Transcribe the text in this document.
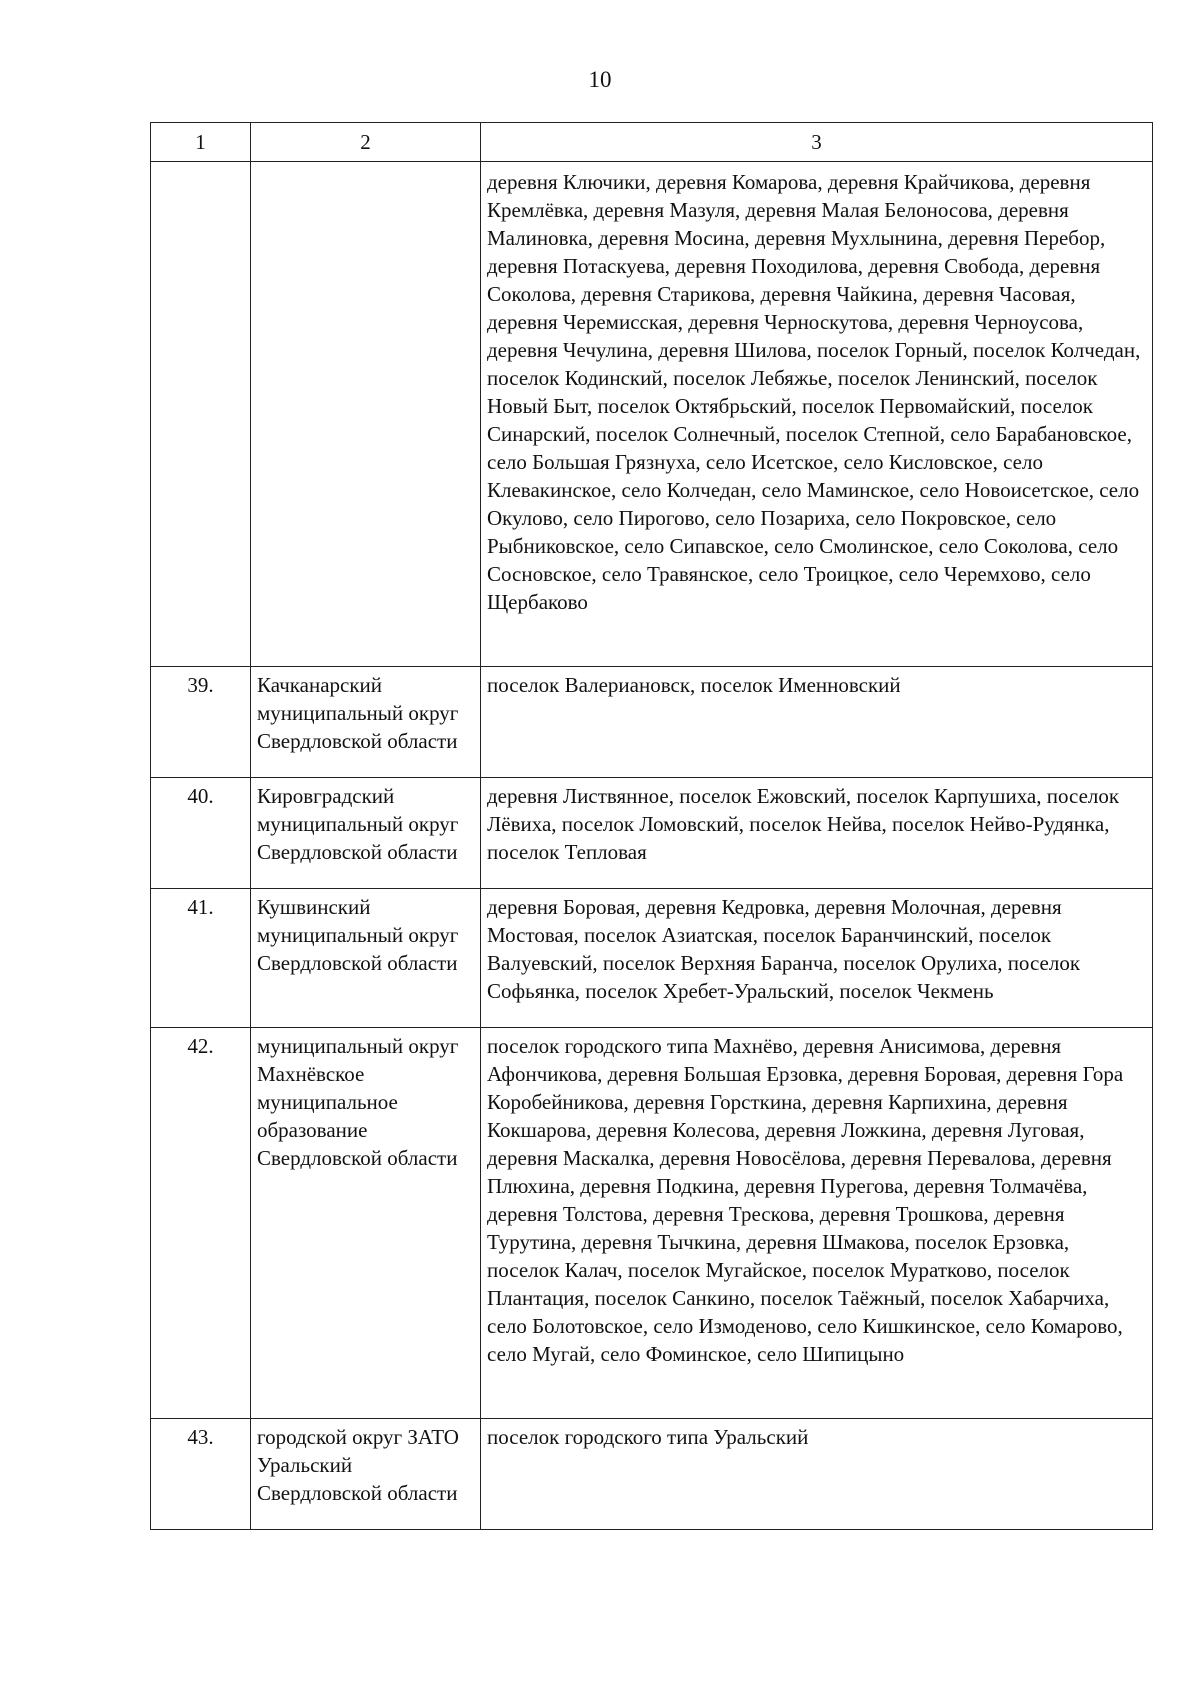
10
1	2	3
		деревня Ключики, деревня Комарова, деревня Крайчикова, деревня Кремлёвка, деревня Мазуля, деревня Малая Белоносова, деревня Малиновка, деревня Мосина, деревня Мухлынина, деревня Перебор, деревня Потаскуева, деревня Походилова, деревня Свобода, деревня Соколова, деревня Старикова, деревня Чайкина, деревня Часовая, деревня Черемисская, деревня Черноскутова, деревня Черноусова, деревня Чечулина, деревня Шилова, поселок Горный, поселок Колчедан, поселок Кодинский, поселок Лебяжье, поселок Ленинский, поселок Новый Быт, поселок Октябрьский, поселок Первомайский, поселок Синарский, поселок Солнечный, поселок Степной, село Барабановское, село Большая Грязнуха, село Исетское, село Кисловское, село Клевакинское, село Колчедан, село Маминское, село Новоисетское, село Окулово, село Пирогово, село Позариха, село Покровское, село Рыбниковское, село Сипавское, село Смолинское, село Соколова, село Сосновское, село Травянское, село Троицкое, село Черемхово, село Щербаково
39.	Качканарский муниципальный округ Свердловской области	поселок Валериановск, поселок Именновский
40.	Кировградский муниципальный округ Свердловской области	деревня Листвянное, поселок Ежовский, поселок Карпушиха, поселок Лёвиха, поселок Ломовский, поселок Нейва, поселок Нейво-Рудянка, поселок Тепловая
41.	Кушвинский муниципальный округ Свердловской области	деревня Боровая, деревня Кедровка, деревня Молочная, деревня Мостовая, поселок Азиатская, поселок Баранчинский, поселок Валуевский, поселок Верхняя Баранча, поселок Орулиха, поселок Софьянка, поселок Хребет-Уральский, поселок Чекмень
42.	муниципальный округ Махнёвское муниципальное образование Свердловской области	поселок городского типа Махнёво, деревня Анисимова, деревня Афончикова, деревня Большая Ерзовка, деревня Боровая, деревня Гора Коробейникова, деревня Горсткина, деревня Карпихина, деревня Кокшарова, деревня Колесова, деревня Ложкина, деревня Луговая, деревня Маскалка, деревня Новосёлова, деревня Перевалова, деревня Плюхина, деревня Подкина, деревня Пурегова, деревня Толмачёва, деревня Толстова, деревня Трескова, деревня Трошкова, деревня Турутина, деревня Тычкина, деревня Шмакова, поселок Ерзовка, поселок Калач, поселок Мугайское, поселок Муратково, поселок Плантация, поселок Санкино, поселок Таёжный, поселок Хабарчиха, село Болотовское, село Измоденово, село Кишкинское, село Комарово, село Мугай, село Фоминское, село Шипицыно
43.	городской округ ЗАТО Уральский Свердловской области	поселок городского типа Уральский
